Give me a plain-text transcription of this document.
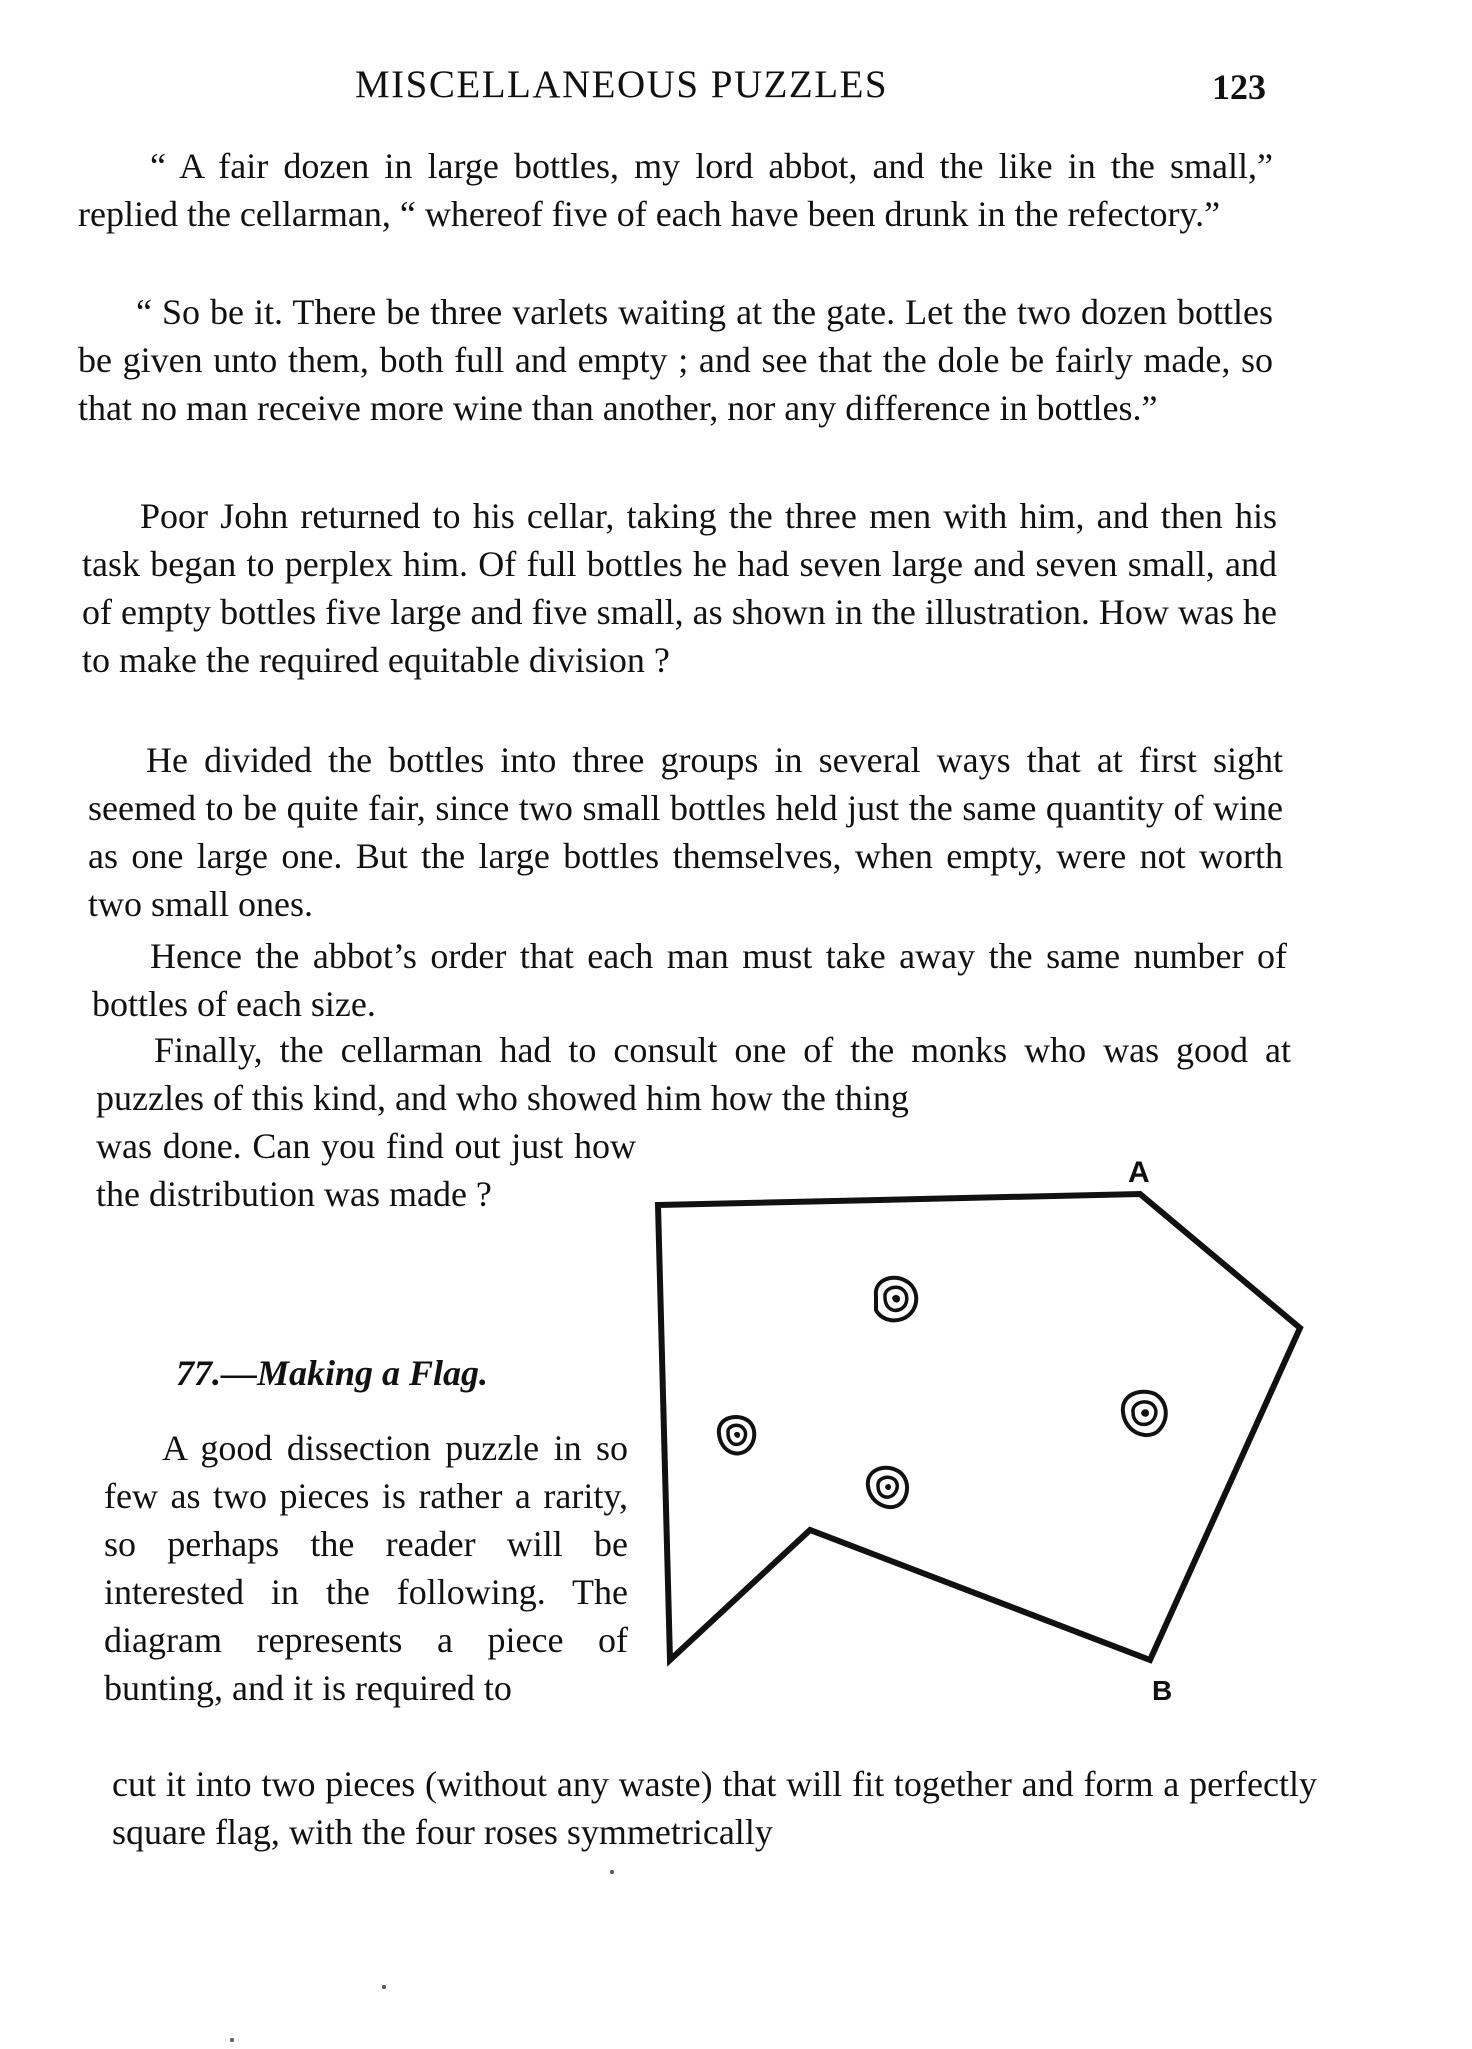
MISCELLANEOUS PUZZLES	123

“ A fair dozen in large bottles, my lord abbot, and the like in the small,” replied the cellarman, “ whereof five of each have been drunk in the refectory.”

“ So be it. There be three varlets waiting at the gate. Let the two dozen bottles be given unto them, both full and empty ; and see that the dole be fairly made, so that no man receive more wine than another, nor any difference in bottles.”

Poor John returned to his cellar, taking the three men with him, and then his task began to perplex him. Of full bottles he had seven large and seven small, and of empty bottles five large and five small, as shown in the illustration. How was he to make the required equitable division ?

He divided the bottles into three groups in several ways that at first sight seemed to be quite fair, since two small bottles held just the same quantity of wine as one large one. But the large bottles themselves, when empty, were not worth two small ones.

Hence the abbot’s order that each man must take away the same number of bottles of each size.

Finally, the cellarman had to consult one of the monks who was good at puzzles of this kind, and who showed him how the thing

was done. Can you find out just how the distribution was made ?

77.—Making a Flag.

A good dissection puzzle in so few as two pieces is rather a rarity, so perhaps the reader will be interested in the following. The diagram represents a piece of bunting, and it is required to

cut it into two pieces (without any waste) that will fit together and form a perfectly square flag, with the four roses symmetrically

A
B
